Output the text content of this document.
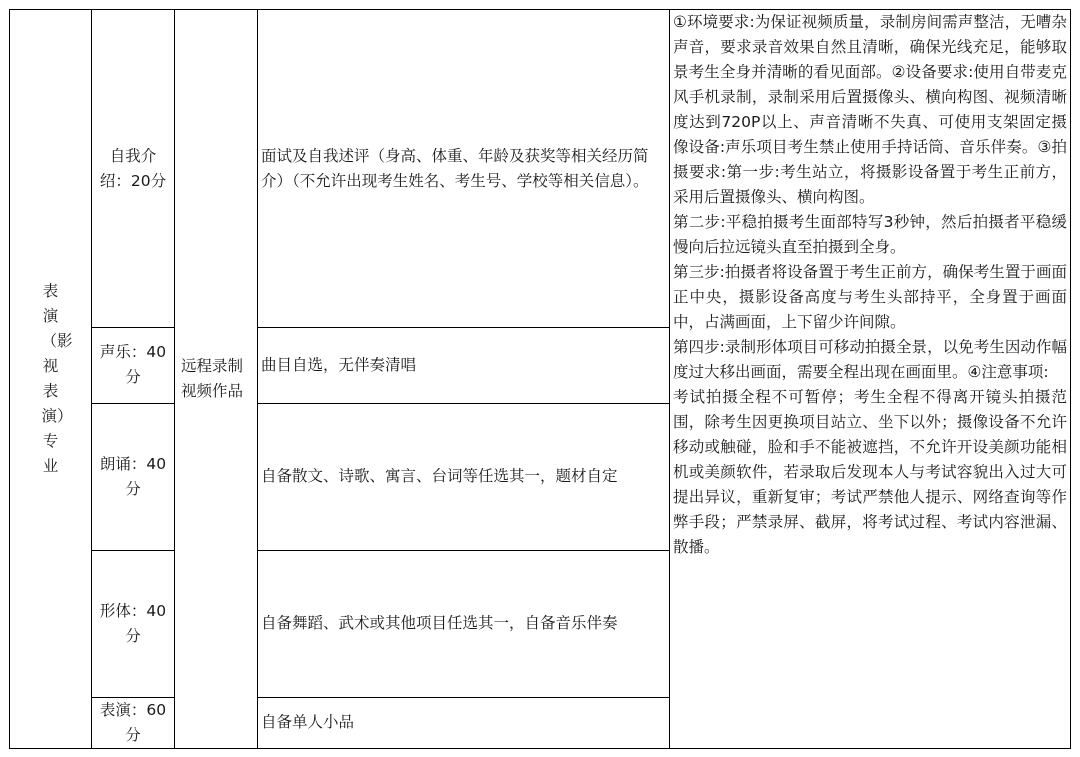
表演（影视表演）专业	自我介绍：20分	远程录制视频作品	面试及自我述评（身高、体重、年龄及获奖等相关经历简介）（不允许出现考生姓名、考生号、学校等相关信息）。	①环境要求:为保证视频质量，录制房间需声整洁，无嘈杂声音，要求录音效果自然且清晰，确保光线充足，能够取景考生全身并清晰的看见面部。②设备要求:使用自带麦克风手机录制，录制采用后置摄像头、横向构图、视频清晰度达到720P以上、声音清晰不失真、可使用支架固定摄像设备:声乐项目考生禁止使用手持话筒、音乐伴奏。③拍摄要求:第一步:考生站立，将摄影设备置于考生正前方，采用后置摄像头、横向构图。

第二步:平稳拍摄考生面部特写3秒钟，然后拍摄者平稳缓慢向后拉远镜头直至拍摄到全身。

第三步:拍摄者将设备置于考生正前方，确保考生置于画面正中央，摄影设备高度与考生头部持平，全身置于画面中，占满画面，上下留少许间隙。

第四步:录制形体项目可移动拍摄全景，以免考生因动作幅度过大移出画面，需要全程出现在画面里。④注意事项:

考试拍摄全程不可暂停；考生全程不得离开镜头拍摄范围，除考生因更换项目站立、坐下以外；摄像设备不允许移动或触碰，脸和手不能被遮挡，不允许开设美颜功能相机或美颜软件，若录取后发现本人与考试容貌出入过大可提出异议，重新复审；考试严禁他人提示、网络查询等作弊手段；严禁录屏、截屏，将考试过程、考试内容泄漏、散播。

	声乐：40分		曲目自选，无伴奏清唱	

	朗诵：40分		自备散文、诗歌、寓言、台词等任选其一，题材自定	

	形体：40分		自备舞蹈、武术或其他项目任选其一，自备音乐伴奏	

	表演：60分		自备单人小品	
